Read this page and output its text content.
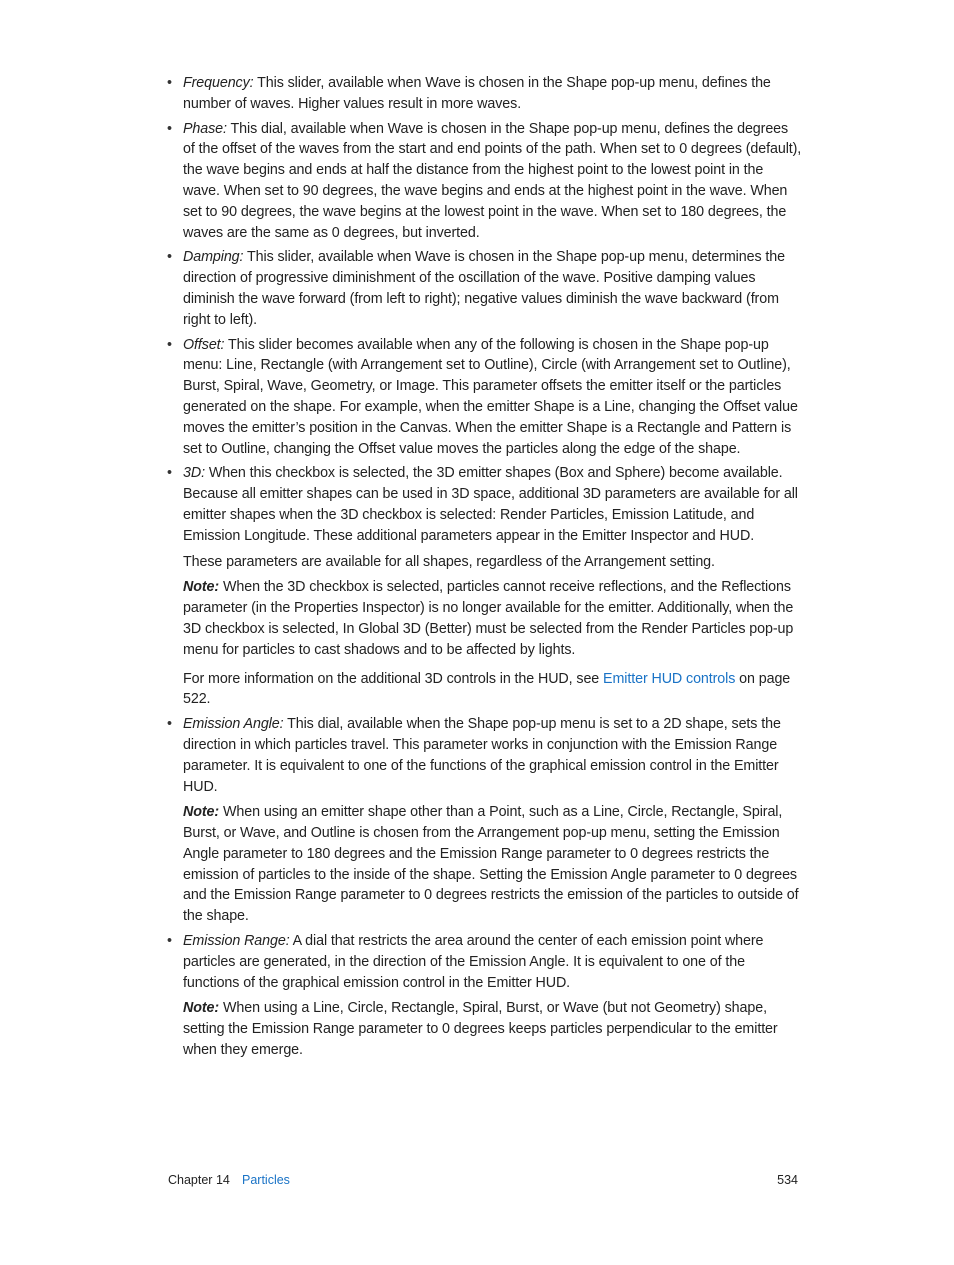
• Frequency: This slider, available when Wave is chosen in the Shape pop-up menu, defines the number of waves. Higher values result in more waves.

• Phase: This dial, available when Wave is chosen in the Shape pop-up menu, defines the degrees of the offset of the waves from the start and end points of the path. When set to 0 degrees (default), the wave begins and ends at half the distance from the highest point to the lowest point in the wave. When set to 90 degrees, the wave begins and ends at the highest point in the wave. When set to 90 degrees, the wave begins at the lowest point in the wave. When set to 180 degrees, the waves are the same as 0 degrees, but inverted.

• Damping: This slider, available when Wave is chosen in the Shape pop-up menu, determines the direction of progressive diminishment of the oscillation of the wave. Positive damping values diminish the wave forward (from left to right); negative values diminish the wave backward (from right to left).

• Offset: This slider becomes available when any of the following is chosen in the Shape pop-up menu: Line, Rectangle (with Arrangement set to Outline), Circle (with Arrangement set to Outline), Burst, Spiral, Wave, Geometry, or Image. This parameter offsets the emitter itself or the particles generated on the shape. For example, when the emitter Shape is a Line, changing the Offset value moves the emitter’s position in the Canvas. When the emitter Shape is a Rectangle and Pattern is set to Outline, changing the Offset value moves the particles along the edge of the shape.

• 3D: When this checkbox is selected, the 3D emitter shapes (Box and Sphere) become available. Because all emitter shapes can be used in 3D space, additional 3D parameters are available for all emitter shapes when the 3D checkbox is selected: Render Particles, Emission Latitude, and Emission Longitude. These additional parameters appear in the Emitter Inspector and HUD.

These parameters are available for all shapes, regardless of the Arrangement setting.

Note: When the 3D checkbox is selected, particles cannot receive reflections, and the Reflections parameter (in the Properties Inspector) is no longer available for the emitter. Additionally, when the 3D checkbox is selected, In Global 3D (Better) must be selected from the Render Particles pop-up menu for particles to cast shadows and to be affected by lights.

For more information on the additional 3D controls in the HUD, see Emitter HUD controls on page 522.

• Emission Angle: This dial, available when the Shape pop-up menu is set to a 2D shape, sets the direction in which particles travel. This parameter works in conjunction with the Emission Range parameter. It is equivalent to one of the functions of the graphical emission control in the Emitter HUD.

Note: When using an emitter shape other than a Point, such as a Line, Circle, Rectangle, Spiral, Burst, or Wave, and Outline is chosen from the Arrangement pop-up menu, setting the Emission Angle parameter to 180 degrees and the Emission Range parameter to 0 degrees restricts the emission of particles to the inside of the shape. Setting the Emission Angle parameter to 0 degrees and the Emission Range parameter to 0 degrees restricts the emission of the particles to outside of the shape.

• Emission Range: A dial that restricts the area around the center of each emission point where particles are generated, in the direction of the Emission Angle. It is equivalent to one of the functions of the graphical emission control in the Emitter HUD.

Note: When using a Line, Circle, Rectangle, Spiral, Burst, or Wave (but not Geometry) shape, setting the Emission Range parameter to 0 degrees keeps particles perpendicular to the emitter when they emerge.

Chapter 14 Particles	534
